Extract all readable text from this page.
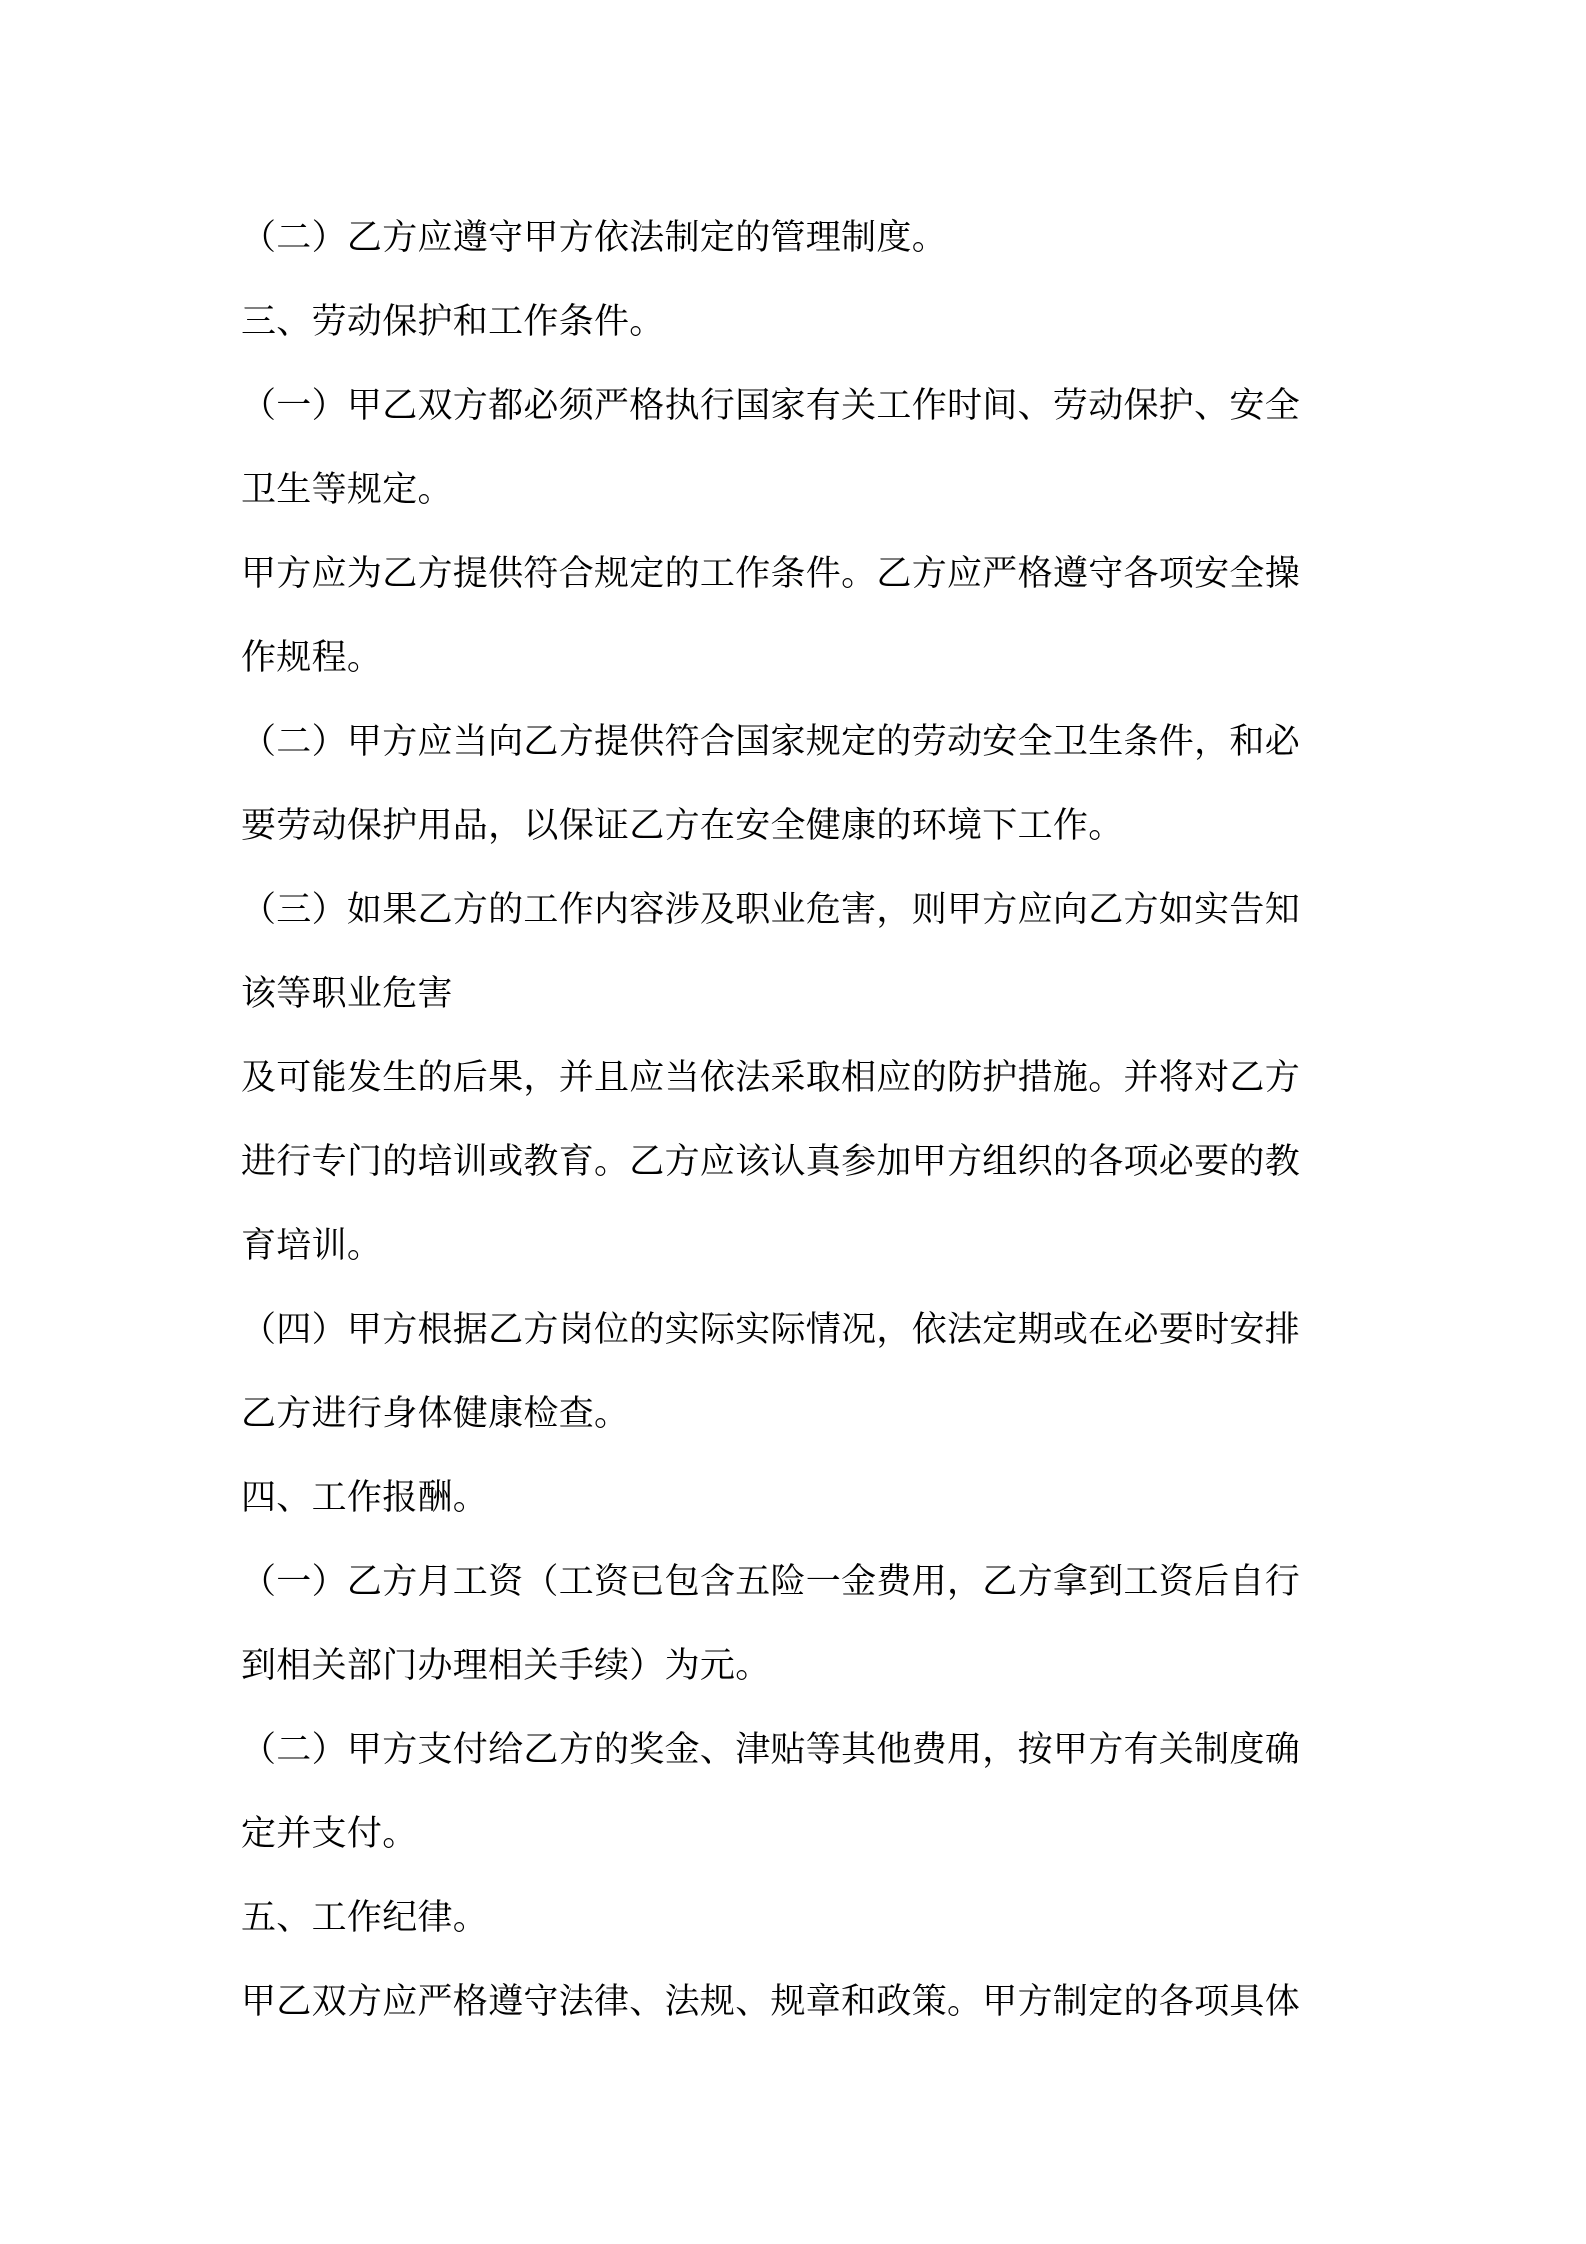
（二）乙方应遵守甲方依法制定的管理制度。
三、劳动保护和工作条件。
（一）甲乙双方都必须严格执行国家有关工作时间、劳动保护、安全
卫生等规定。
甲方应为乙方提供符合规定的工作条件。乙方应严格遵守各项安全操
作规程。
（二）甲方应当向乙方提供符合国家规定的劳动安全卫生条件，和必
要劳动保护用品，以保证乙方在安全健康的环境下工作。
（三）如果乙方的工作内容涉及职业危害，则甲方应向乙方如实告知
该等职业危害
及可能发生的后果，并且应当依法采取相应的防护措施。并将对乙方
进行专门的培训或教育。乙方应该认真参加甲方组织的各项必要的教
育培训。
（四）甲方根据乙方岗位的实际实际情况，依法定期或在必要时安排
乙方进行身体健康检查。
四、工作报酬。
（一）乙方月工资（工资已包含五险一金费用，乙方拿到工资后自行
到相关部门办理相关手续）为元。
（二）甲方支付给乙方的奖金、津贴等其他费用，按甲方有关制度确
定并支付。
五、工作纪律。
甲乙双方应严格遵守法律、法规、规章和政策。甲方制定的各项具体
